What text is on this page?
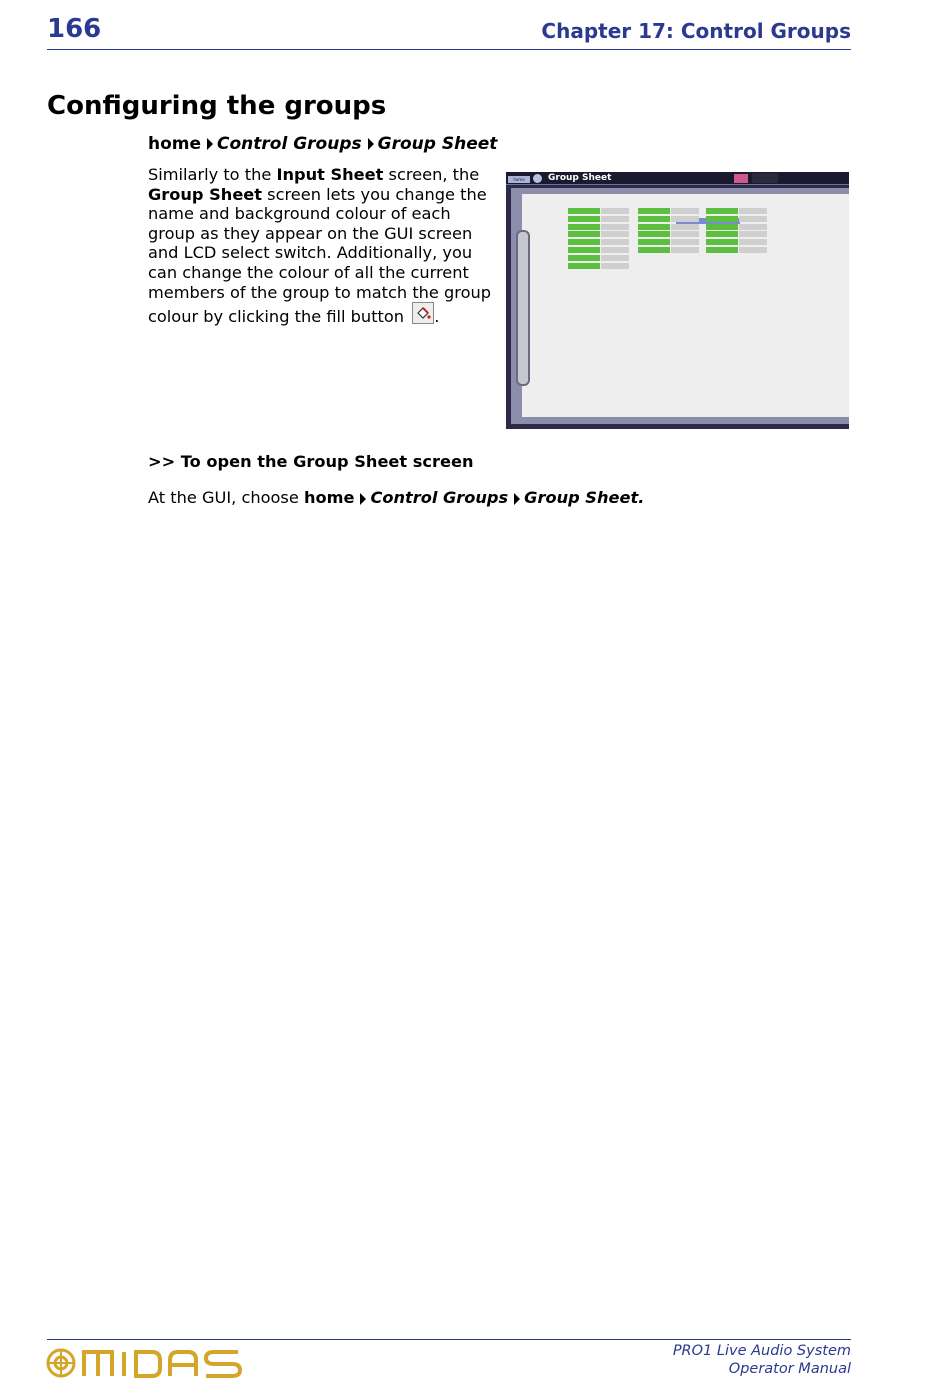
166	Chapter 17: Control Groups
Configuring the groups
home Control Groups Group Sheet
Similarly to the Input Sheet screen, the Group Sheet screen lets you change the name and background colour of each group as they appear on the GUI screen and LCD select switch. Additionally, you can change the colour of all the current members of the group to match the group colour by clicking the fill button
.
home	Group Sheet
>> To open the Group Sheet screen
At the GUI, choose home Control Groups Group Sheet.
PRO1 Live Audio System
Operator Manual
